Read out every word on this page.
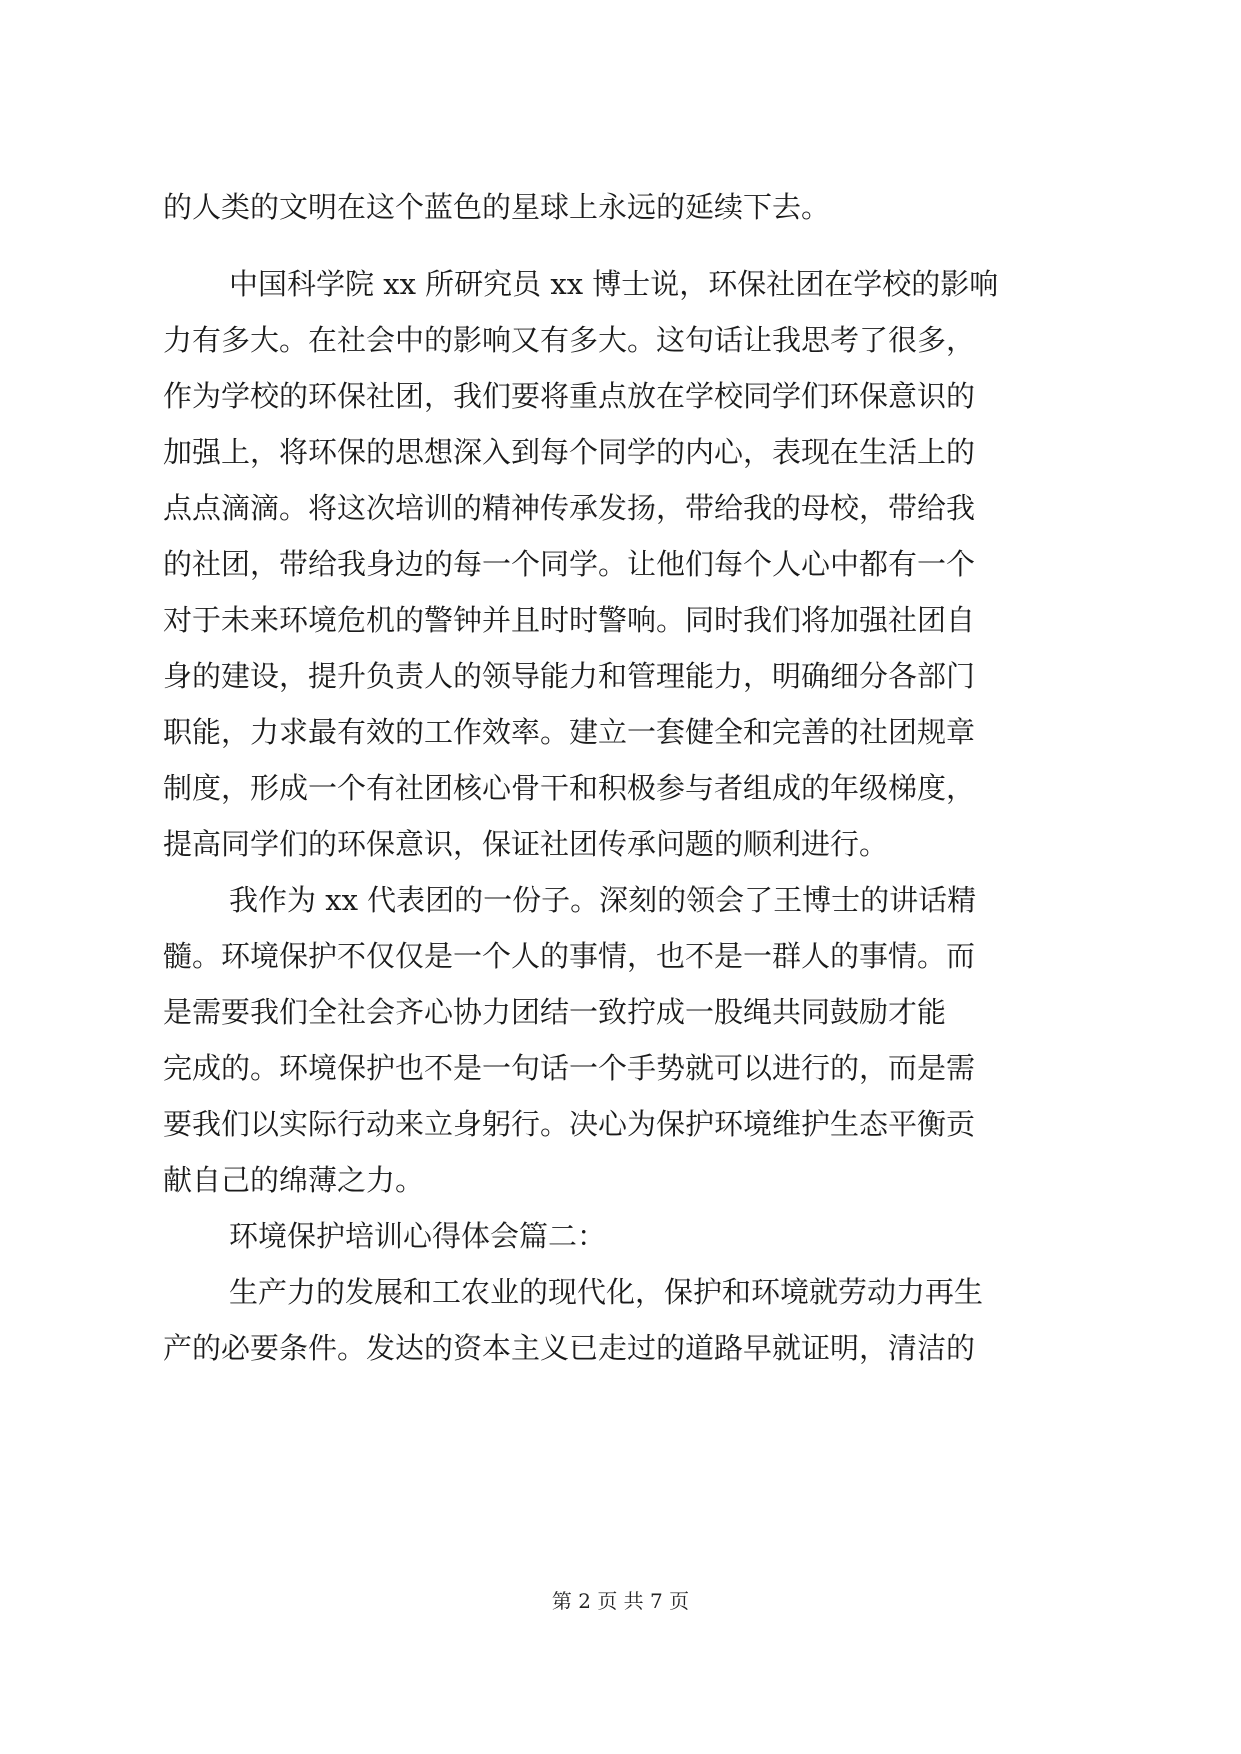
的人类的文明在这个蓝色的星球上永远的延续下去。
中国科学院 xx 所研究员 xx 博士说，环保社团在学校的影响
力有多大。在社会中的影响又有多大。这句话让我思考了很多，
作为学校的环保社团，我们要将重点放在学校同学们环保意识的
加强上，将环保的思想深入到每个同学的内心，表现在生活上的
点点滴滴。将这次培训的精神传承发扬，带给我的母校，带给我
的社团，带给我身边的每一个同学。让他们每个人心中都有一个
对于未来环境危机的警钟并且时时警响。同时我们将加强社团自
身的建设，提升负责人的领导能力和管理能力，明确细分各部门
职能，力求最有效的工作效率。建立一套健全和完善的社团规章
制度，形成一个有社团核心骨干和积极参与者组成的年级梯度，
提高同学们的环保意识，保证社团传承问题的顺利进行。
我作为 xx 代表团的一份子。深刻的领会了王博士的讲话精
髓。环境保护不仅仅是一个人的事情，也不是一群人的事情。而
是需要我们全社会齐心协力团结一致拧成一股绳共同鼓励才能
完成的。环境保护也不是一句话一个手势就可以进行的，而是需
要我们以实际行动来立身躬行。决心为保护环境维护生态平衡贡
献自己的绵薄之力。
环境保护培训心得体会篇二：
生产力的发展和工农业的现代化，保护和环境就劳动力再生
产的必要条件。发达的资本主义已走过的道路早就证明，清洁的
第 2 页 共 7 页
